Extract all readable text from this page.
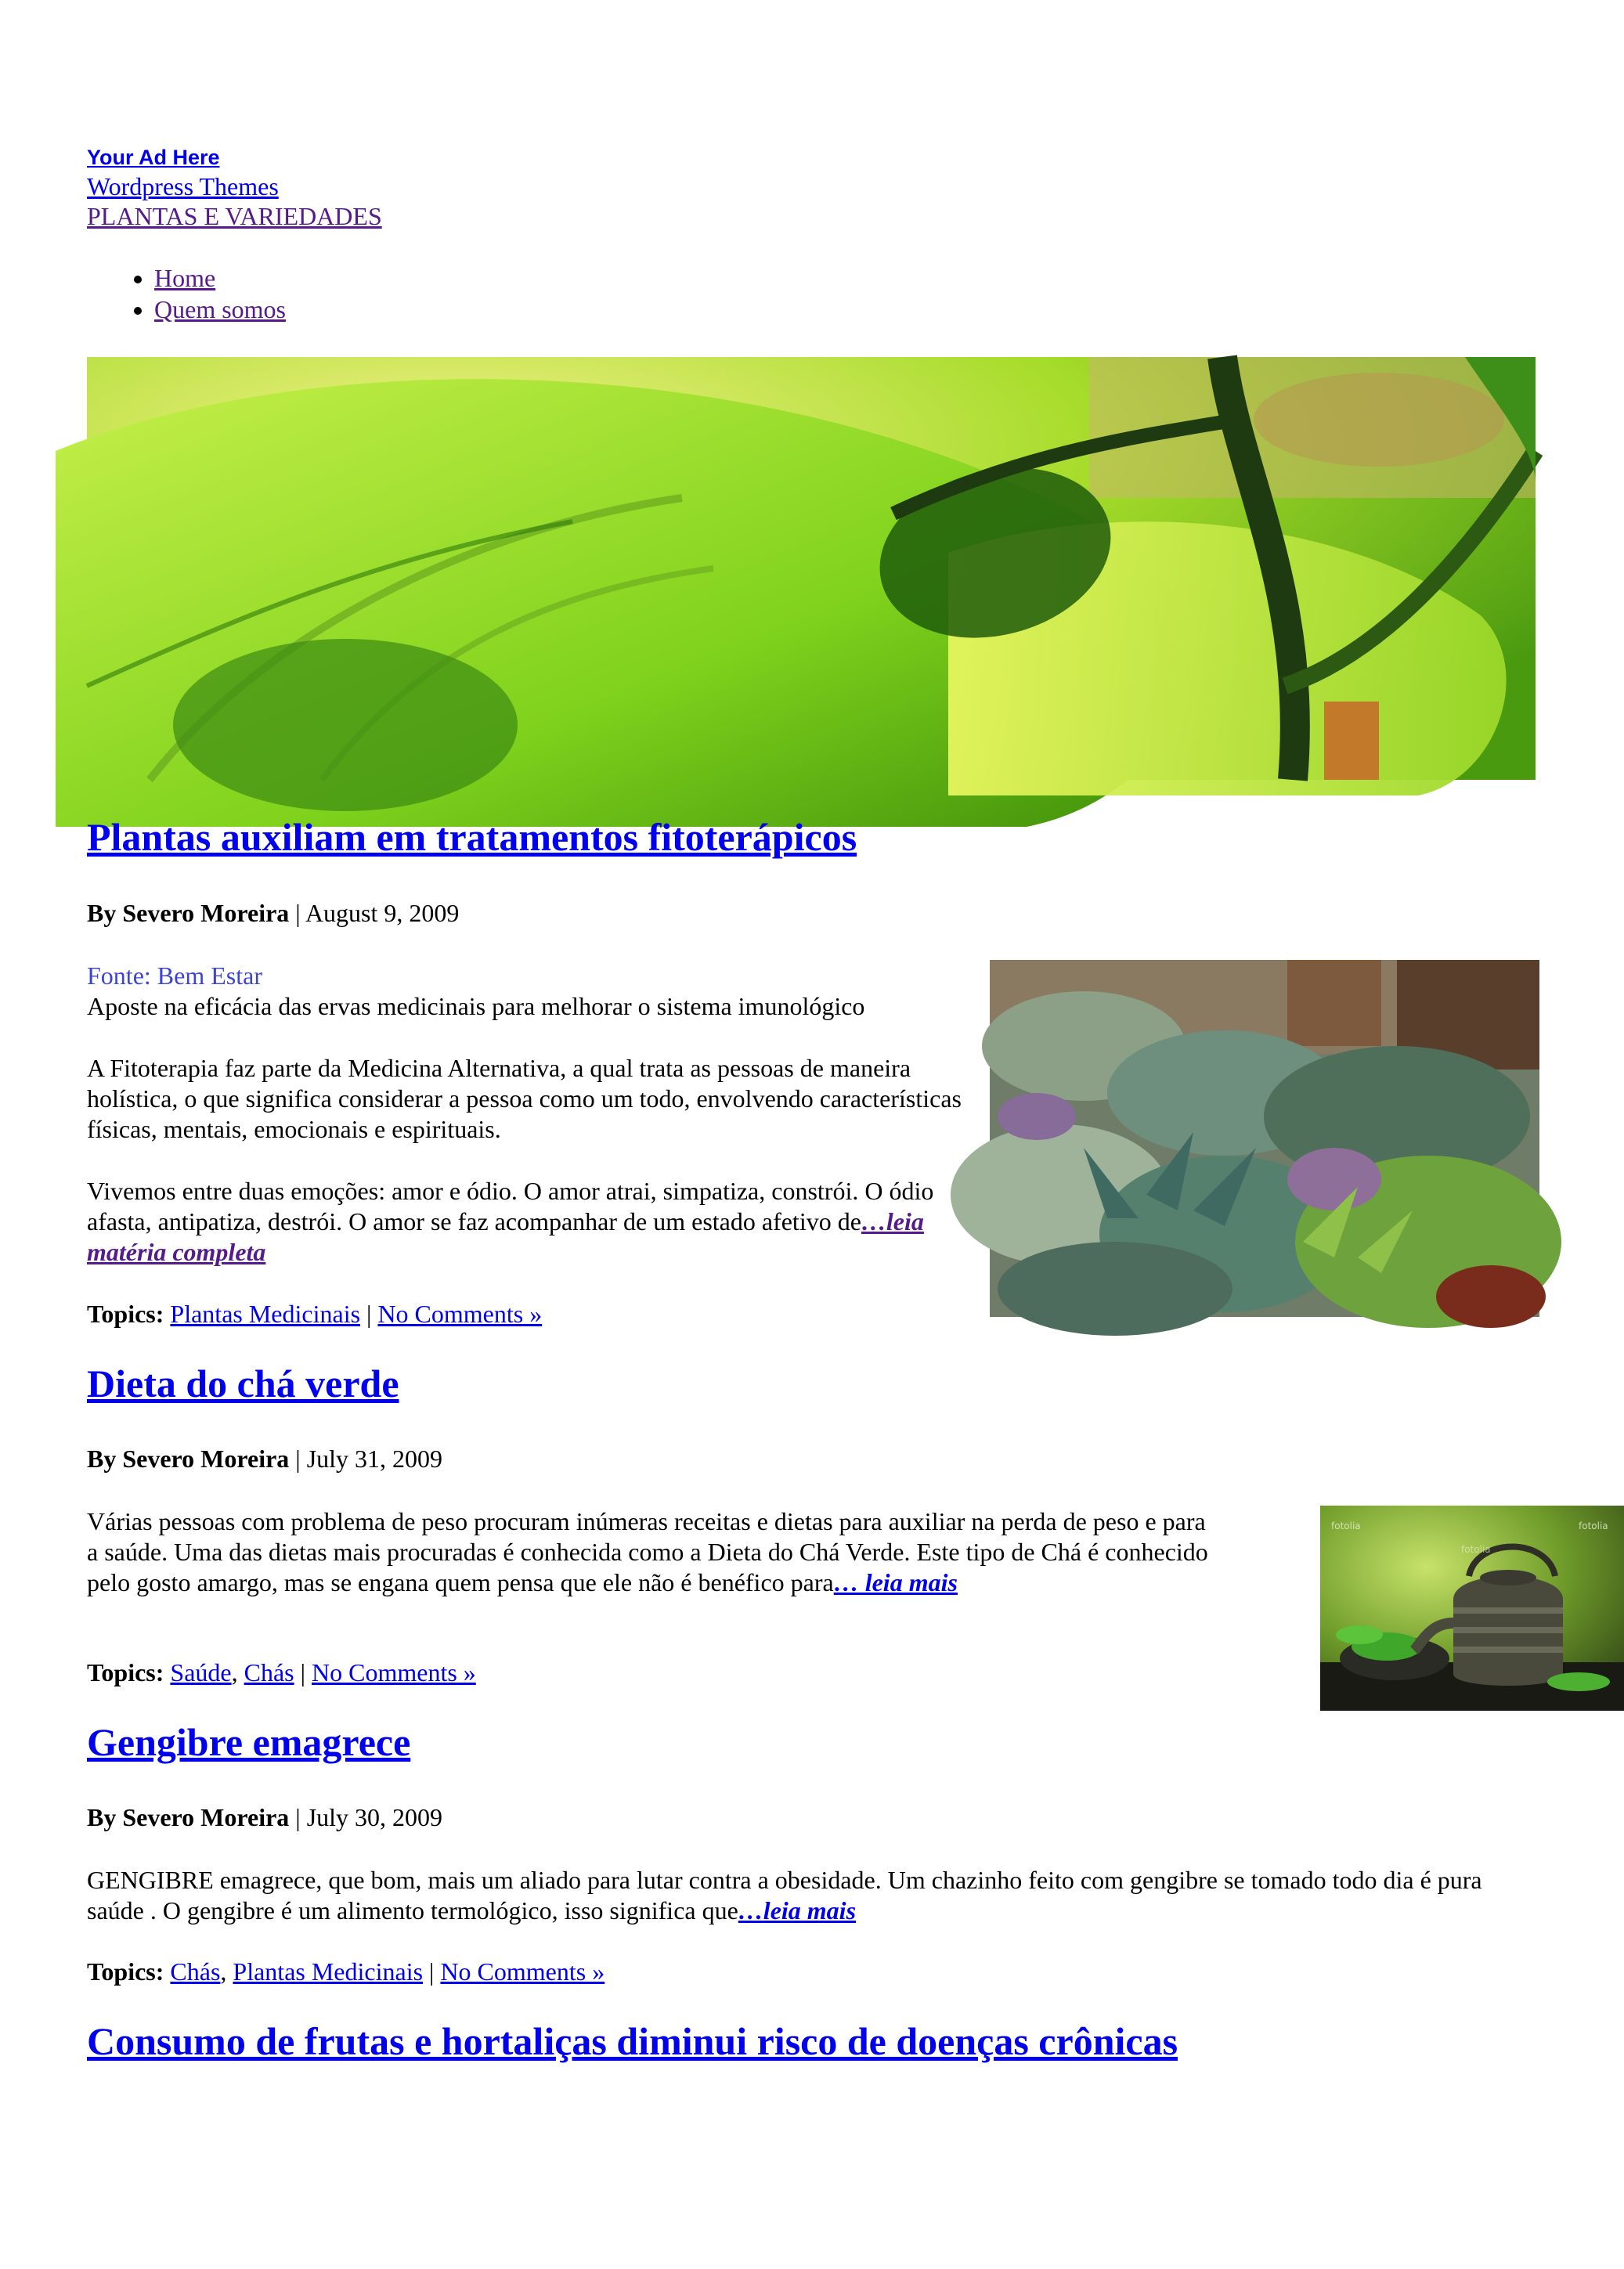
Your Ad Here
Wordpress Themes
PLANTAS E VARIEDADES
• Home
• Quem somos
Plantas auxiliam em tratamentos fitoterápicos
By Severo Moreira | August 9, 2009

Fonte: Bem Estar
Aposte na eficácia das ervas medicinais para melhorar o sistema imunológico

A Fitoterapia faz parte da Medicina Alternativa, a qual trata as pessoas de maneira holística, o que significa considerar a pessoa como um todo, envolvendo características físicas, mentais, emocionais e espirituais.

Vivemos entre duas emoções: amor e ódio. O amor atrai, simpatiza, constrói. O ódio afasta, antipatiza, destrói. O amor se faz acompanhar de um estado afetivo de…leia matéria completa

Topics: Plantas Medicinais | No Comments »
Dieta do chá verde
By Severo Moreira | July 31, 2009

Várias pessoas com problema de peso procuram inúmeras receitas e dietas para auxiliar na perda de peso e para a saúde. Uma das dietas mais procuradas é conhecida como a Dieta do Chá Verde. Este tipo de Chá é conhecido pelo gosto amargo, mas se engana quem pensa que ele não é benéfico para… leia mais

Topics: Saúde, Chás | No Comments »
fotolia	fotolia
fotolia
Gengibre emagrece
By Severo Moreira | July 30, 2009

GENGIBRE emagrece, que bom, mais um aliado para lutar contra a obesidade. Um chazinho feito com gengibre se tomado todo dia é pura saúde . O gengibre é um alimento termológico, isso significa que…leia mais

Topics: Chás, Plantas Medicinais | No Comments »
Consumo de frutas e hortaliças diminui risco de doenças crônicas
